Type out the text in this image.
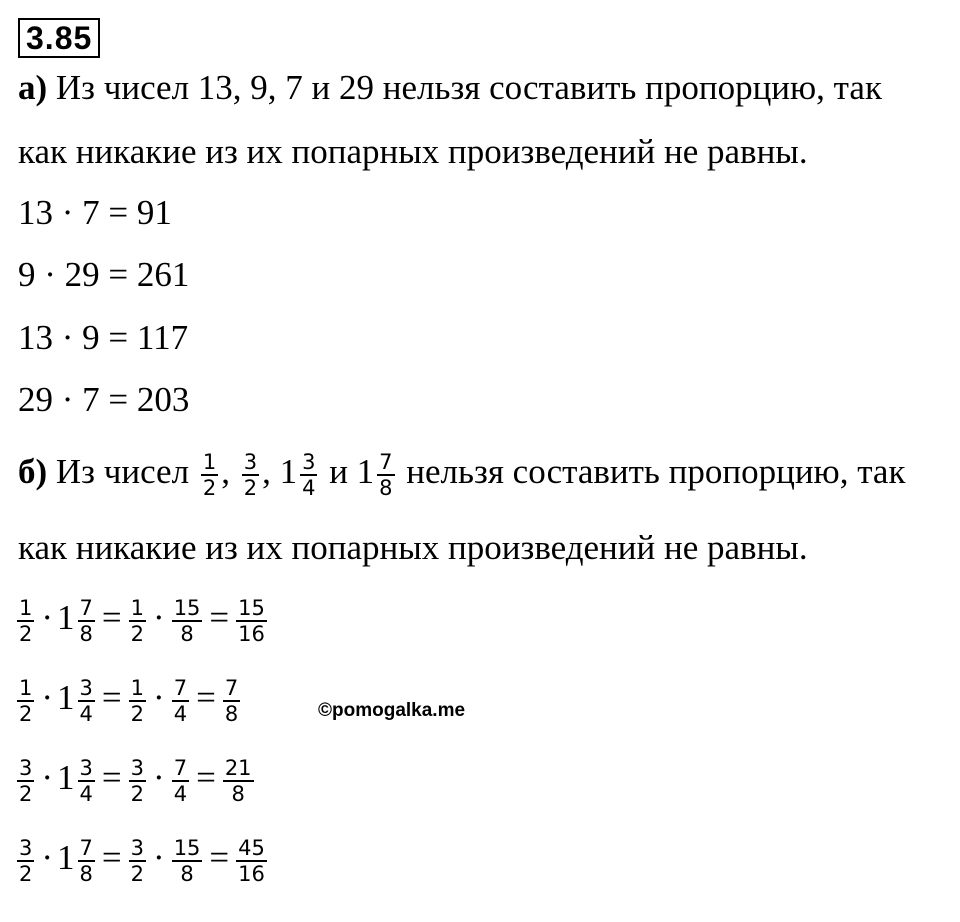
3.85
а) Из чисел 13, 9, 7 и 29 нельзя составить пропорцию, так
как никакие из их попарных произведений не равны.
13 · 7 = 91
9 · 29 = 261
13 · 9 = 117
29 · 7 = 203
б) Из чисел $\frac{1}{2}$ , $\frac{3}{2}$ , $1 \frac{3}{4}$ и $1 \frac{7}{8}$ нельзя составить пропорцию, так
как никакие из их попарных произведений не равны.
$\frac{1}{2} \cdot 1 \frac{7}{8} = \frac{1}{2} \cdot \frac{15}{8} = \frac{15}{16}$
$\frac{1}{2} \cdot 1 \frac{3}{4} = \frac{1}{2} \cdot \frac{7}{4} = \frac{7}{8}$
$\frac{3}{2} \cdot 1 \frac{3}{4} = \frac{3}{2} \cdot \frac{7}{4} = \frac{21}{8}$
$\frac{3}{2} \cdot 1 \frac{7}{8} = \frac{3}{2} \cdot \frac{15}{8} = \frac{45}{16}$
©pomogalka.me
